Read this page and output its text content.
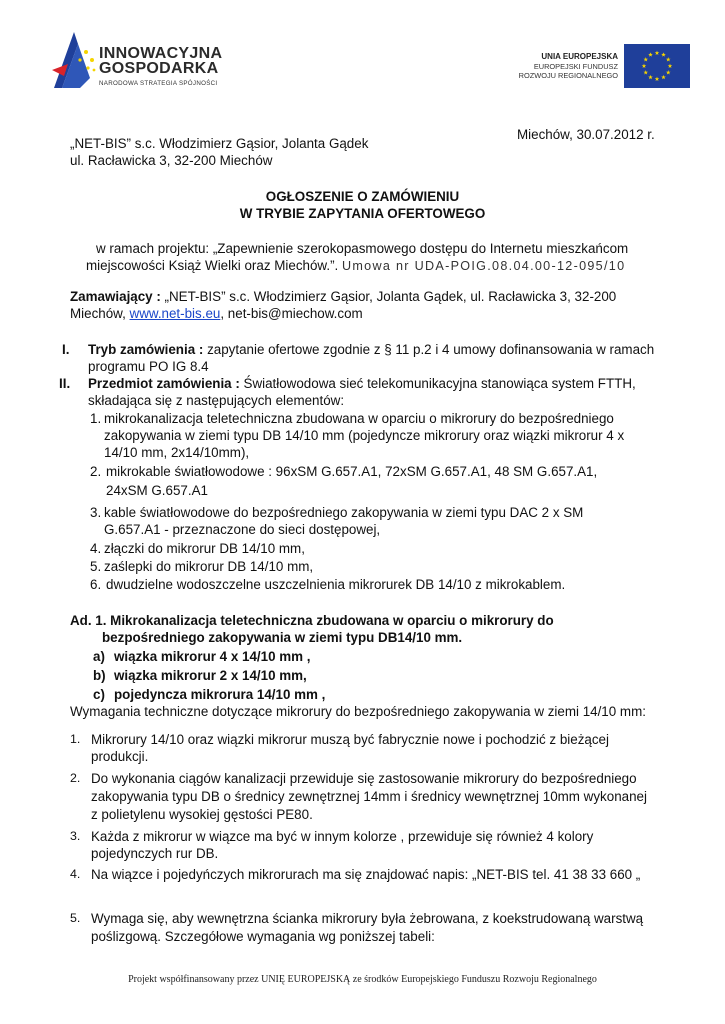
INNOWACYJNA
GOSPODARKA
NARODOWA STRATEGIA SPÓJNOŚCI
UNIA EUROPEJSKA
EUROPEJSKI FUNDUSZ
ROZWOJU REGIONALNEGO
Miechów, 30.07.2012 r.
„NET-BIS” s.c. Włodzimierz Gąsior, Jolanta Gądek
ul. Racławicka 3, 32-200 Miechów
OGŁOSZENIE O ZAMÓWIENIU
W TRYBIE ZAPYTANIA OFERTOWEGO
w ramach projektu: „Zapewnienie szerokopasmowego dostępu do Internetu mieszkańcom
miejscowości Książ Wielki oraz Miechów.”. Umowa nr UDA-POIG.08.04.00-12-095/10
Zamawiający : „NET-BIS” s.c. Włodzimierz Gąsior, Jolanta Gądek, ul. Racławicka 3, 32-200
Miechów, www.net-bis.eu, net-bis@miechow.com
I. Tryb zamówienia : zapytanie ofertowe zgodnie z § 11 p.2 i 4 umowy dofinansowania w ramach
programu PO IG 8.4
II. Przedmiot zamówienia : Światłowodowa sieć telekomunikacyjna stanowiąca system FTTH,
składająca się z następujących elementów:
1. mikrokanalizacja teletechniczna zbudowana w oparciu o mikrorury do bezpośredniego
zakopywania w ziemi typu DB 14/10 mm (pojedyncze mikrorury oraz wiązki mikrorur 4 x
14/10 mm, 2x14/10mm),
2. mikrokable światłowodowe : 96xSM G.657.A1, 72xSM G.657.A1, 48 SM G.657.A1,
24xSM G.657.A1
3. kable światłowodowe do bezpośredniego zakopywania w ziemi typu DAC 2 x SM
G.657.A1 - przeznaczone do sieci dostępowej,
4. złączki do mikrorur DB 14/10 mm,
5. zaślepki do mikrorur DB 14/10 mm,
6. dwudzielne wodoszczelne uszczelnienia mikrorurek DB 14/10 z mikrokablem.
Ad. 1. Mikrokanalizacja teletechniczna zbudowana w oparciu o mikrorury do
bezpośredniego zakopywania w ziemi typu DB14/10 mm.
a) wiązka mikrorur 4 x 14/10 mm ,
b) wiązka mikrorur 2 x 14/10 mm,
c) pojedyncza mikrorura 14/10 mm ,
Wymagania techniczne dotyczące mikrorury do bezpośredniego zakopywania w ziemi 14/10 mm:
1. Mikrorury 14/10 oraz wiązki mikrorur muszą być fabrycznie nowe i pochodzić z bieżącej
produkcji.
2. Do wykonania ciągów kanalizacji przewiduje się zastosowanie mikrorury do bezpośredniego
zakopywania typu DB o średnicy zewnętrznej 14mm i średnicy wewnętrznej 10mm wykonanej
z polietylenu wysokiej gęstości PE80.
3. Każda z mikrorur w wiązce ma być w innym kolorze , przewiduje się również 4 kolory
pojedynczych rur DB.
4. Na wiązce i pojedyńczych mikrorurach ma się znajdować napis: „NET-BIS tel. 41 38 33 660 „
5. Wymaga się, aby wewnętrzna ścianka mikrorury była żebrowana, z koekstrudowaną warstwą
poślizgową. Szczegółowe wymagania wg poniższej tabeli:
Projekt współfinansowany przez UNIĘ EUROPEJSKĄ ze środków Europejskiego Funduszu Rozwoju Regionalnego
